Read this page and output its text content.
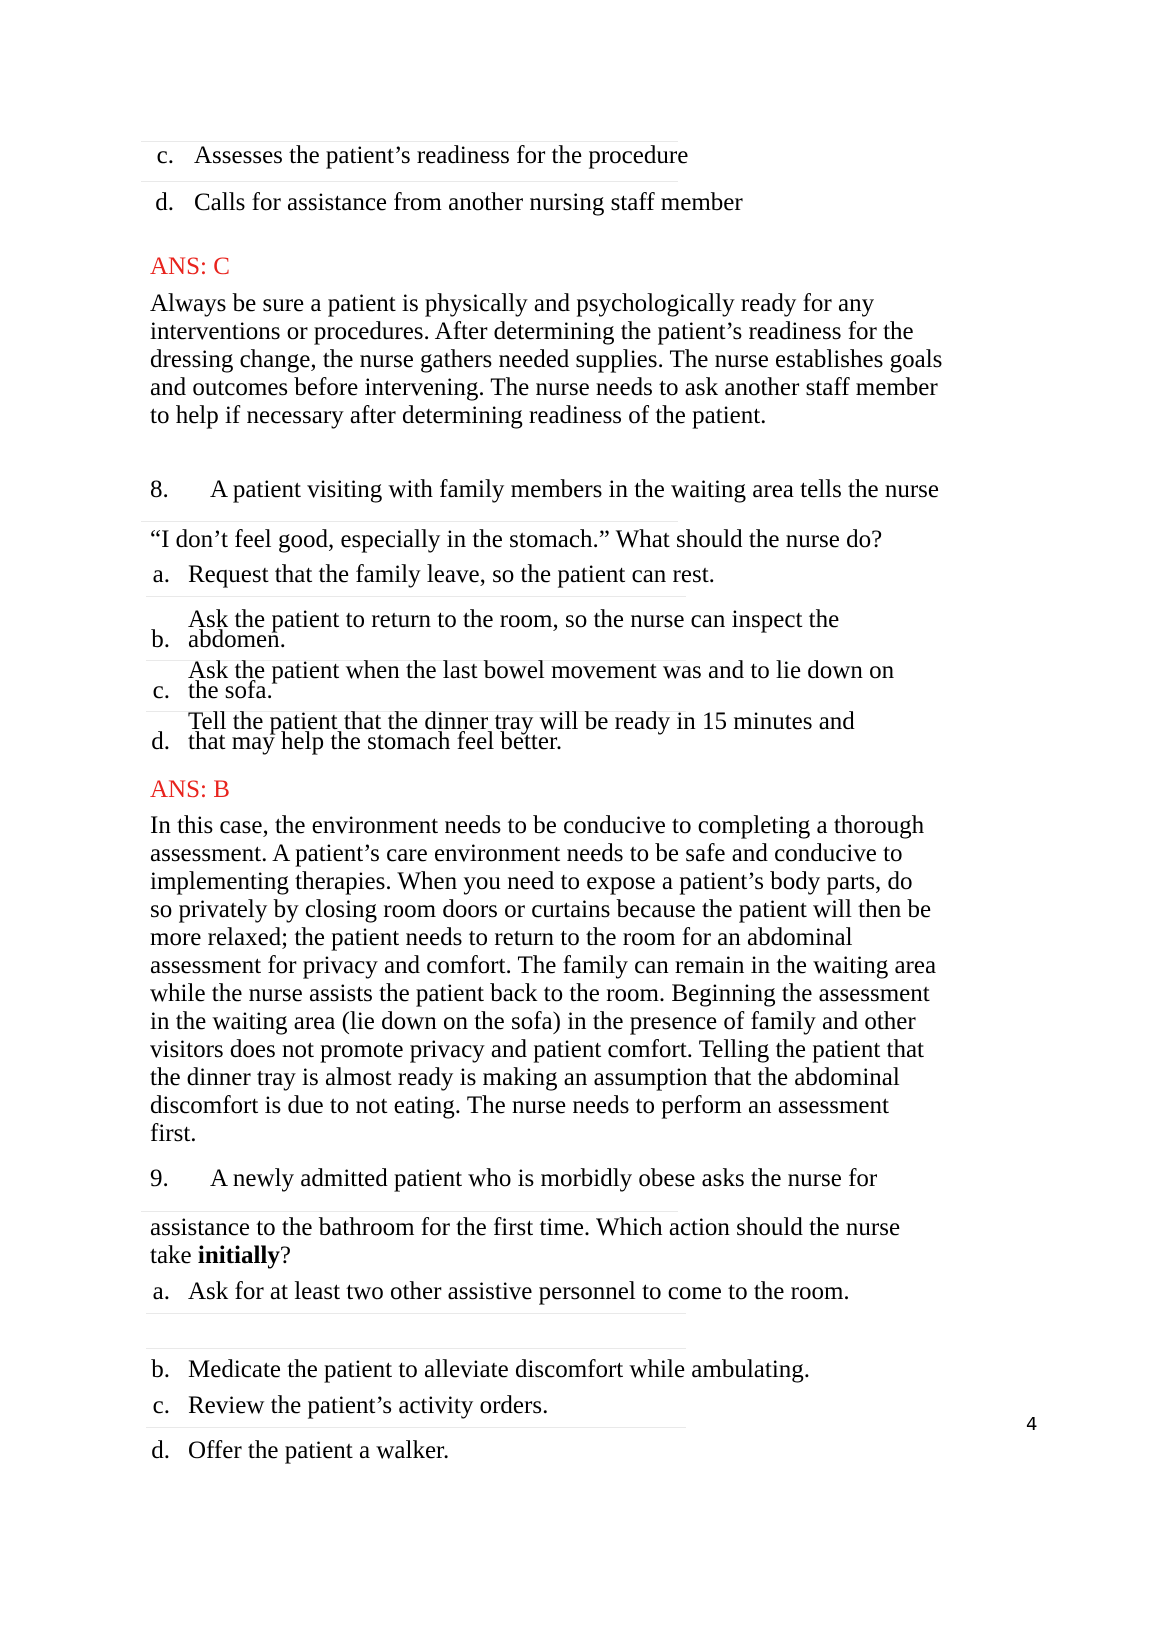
c. Assesses the patient’s readiness for the procedure
d. Calls for assistance from another nursing staff member
ANS: C
Always be sure a patient is physically and psychologically ready for any
interventions or procedures. After determining the patient’s readiness for the
dressing change, the nurse gathers needed supplies. The nurse establishes goals
and outcomes before intervening. The nurse needs to ask another staff member
to help if necessary after determining readiness of the patient.
8. A patient visiting with family members in the waiting area tells the nurse
“I don’t feel good, especially in the stomach.” What should the nurse do?
a. Request that the family leave, so the patient can rest.
Ask the patient to return to the room, so the nurse can inspect the
b. abdomen.
Ask the patient when the last bowel movement was and to lie down on
c. the sofa.
Tell the patient that the dinner tray will be ready in 15 minutes and
d. that may help the stomach feel better.
ANS: B
In this case, the environment needs to be conducive to completing a thorough
assessment. A patient’s care environment needs to be safe and conducive to
implementing therapies. When you need to expose a patient’s body parts, do
so privately by closing room doors or curtains because the patient will then be
more relaxed; the patient needs to return to the room for an abdominal
assessment for privacy and comfort. The family can remain in the waiting area
while the nurse assists the patient back to the room. Beginning the assessment
in the waiting area (lie down on the sofa) in the presence of family and other
visitors does not promote privacy and patient comfort. Telling the patient that
the dinner tray is almost ready is making an assumption that the abdominal
discomfort is due to not eating. The nurse needs to perform an assessment
first.
9. A newly admitted patient who is morbidly obese asks the nurse for
assistance to the bathroom for the first time. Which action should the nurse
take initially?
a. Ask for at least two other assistive personnel to come to the room.
b. Medicate the patient to alleviate discomfort while ambulating.
c. Review the patient’s activity orders.
d. Offer the patient a walker.
4
